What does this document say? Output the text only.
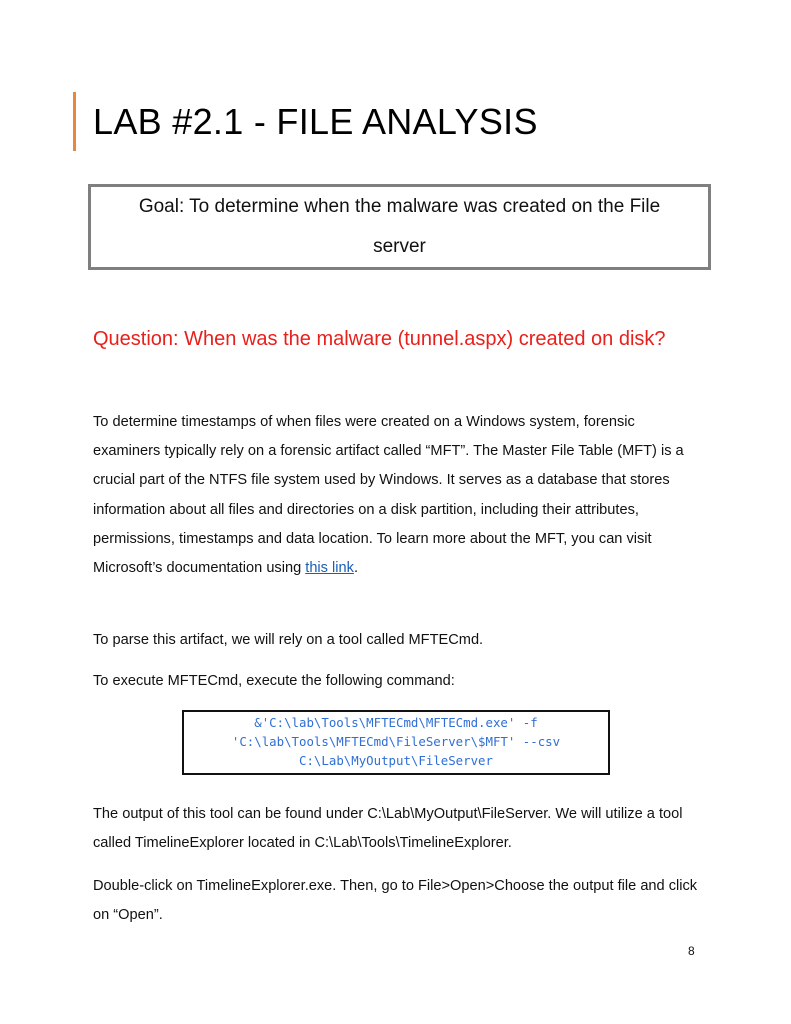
LAB #2.1 - FILE ANALYSIS
Goal: To determine when the malware was created on the File
server
Question: When was the malware (tunnel.aspx) created on disk?

To determine timestamps of when files were created on a Windows system, forensic examiners typically rely on a forensic artifact called “MFT”. The Master File Table (MFT) is a crucial part of the NTFS file system used by Windows. It serves as a database that stores information about all files and directories on a disk partition, including their attributes, permissions, timestamps and data location. To learn more about the MFT, you can visit Microsoft’s documentation using this link.

To parse this artifact, we will rely on a tool called MFTECmd.

To execute MFTECmd, execute the following command:

&'C:\lab\Tools\MFTECmd\MFTECmd.exe' -f
'C:\lab\Tools\MFTECmd\FileServer\$MFT' --csv
C:\Lab\MyOutput\FileServer

The output of this tool can be found under C:\Lab\MyOutput\FileServer. We will utilize a tool called TimelineExplorer located in C:\Lab\Tools\TimelineExplorer.

Double-click on TimelineExplorer.exe. Then, go to File>Open>Choose the output file and click on “Open”.

8
